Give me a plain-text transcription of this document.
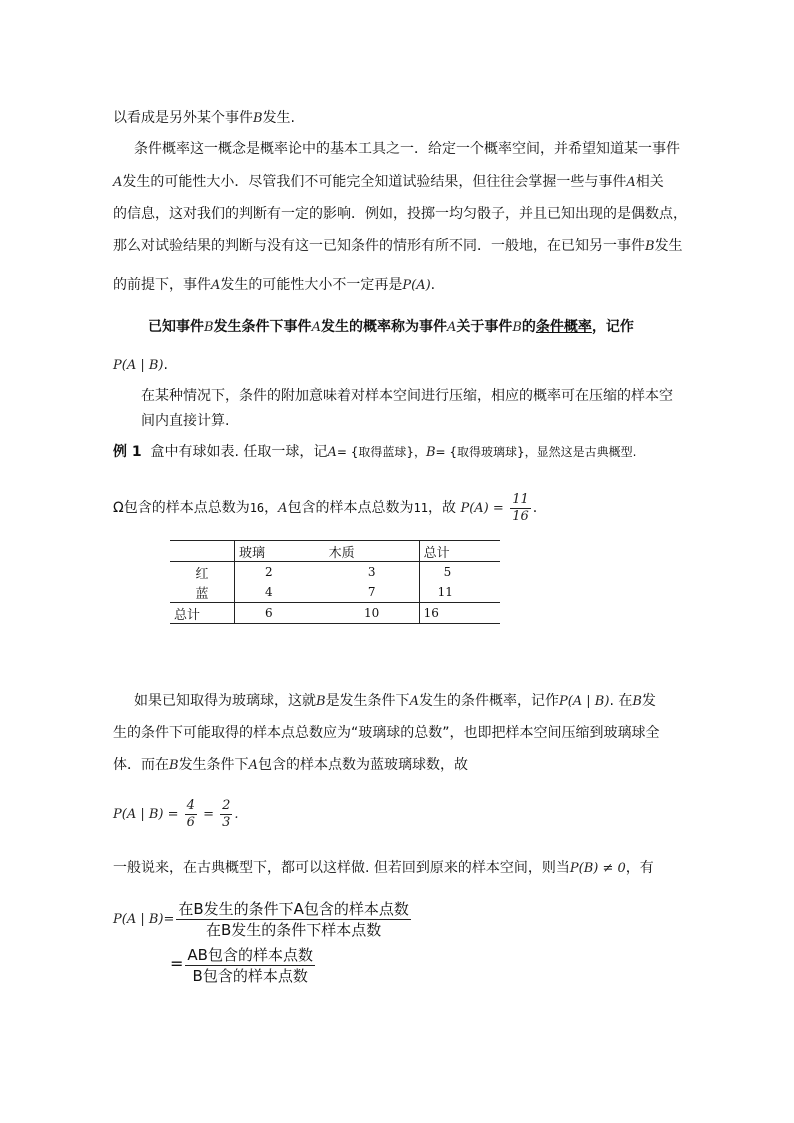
以看成是另外某个事件B发生.
条件概率这一概念是概率论中的基本工具之一．给定一个概率空间，并希望知道某一事件
A发生的可能性大小．尽管我们不可能完全知道试验结果，但往往会掌握一些与事件A相关
的信息，这对我们的判断有一定的影响．例如，投掷一均匀骰子，并且已知出现的是偶数点，
那么对试验结果的判断与没有这一已知条件的情形有所不同．一般地，在已知另一事件B发生
的前提下，事件A发生的可能性大小不一定再是P(A).
已知事件B发生条件下事件A发生的概率称为事件A关于事件B的条件概率，记作
P(A | B).
在某种情况下，条件的附加意味着对样本空间进行压缩，相应的概率可在压缩的样本空
间内直接计算.
例 1 盒中有球如表. 任取一球，记A= {取得蓝球}，B= {取得玻璃球}，显然这是古典概型.
Ω包含的样本点总数为16，A包含的样本点总数为11，故 $P(A) = \frac{11}{16}$ .
	玻璃	木质	总计
红	2	3	5
蓝	4	7	11
总计	6	10	16
如果已知取得为玻璃球，这就B是发生条件下A发生的条件概率，记作P(A | B). 在B发
生的条件下可能取得的样本点总数应为“玻璃球的总数”，也即把样本空间压缩到玻璃球全
体．而在B发生条件下A包含的样本点数为蓝玻璃球数，故
P(A | $B) = \frac{4}{6} = \frac{2}{3}$ .
一般说来，在古典概型下，都可以这样做. 但若回到原来的样本空间，则当P(B) ≠ 0，有
P(A | $B)= \frac{\text{在B发生的条件下A包含的样本点数}}{\text{在B发生的条件下样本点数}}$
= $\frac{\text{AB包含的样本点数}}{\text{B包含的样本点数}}$
